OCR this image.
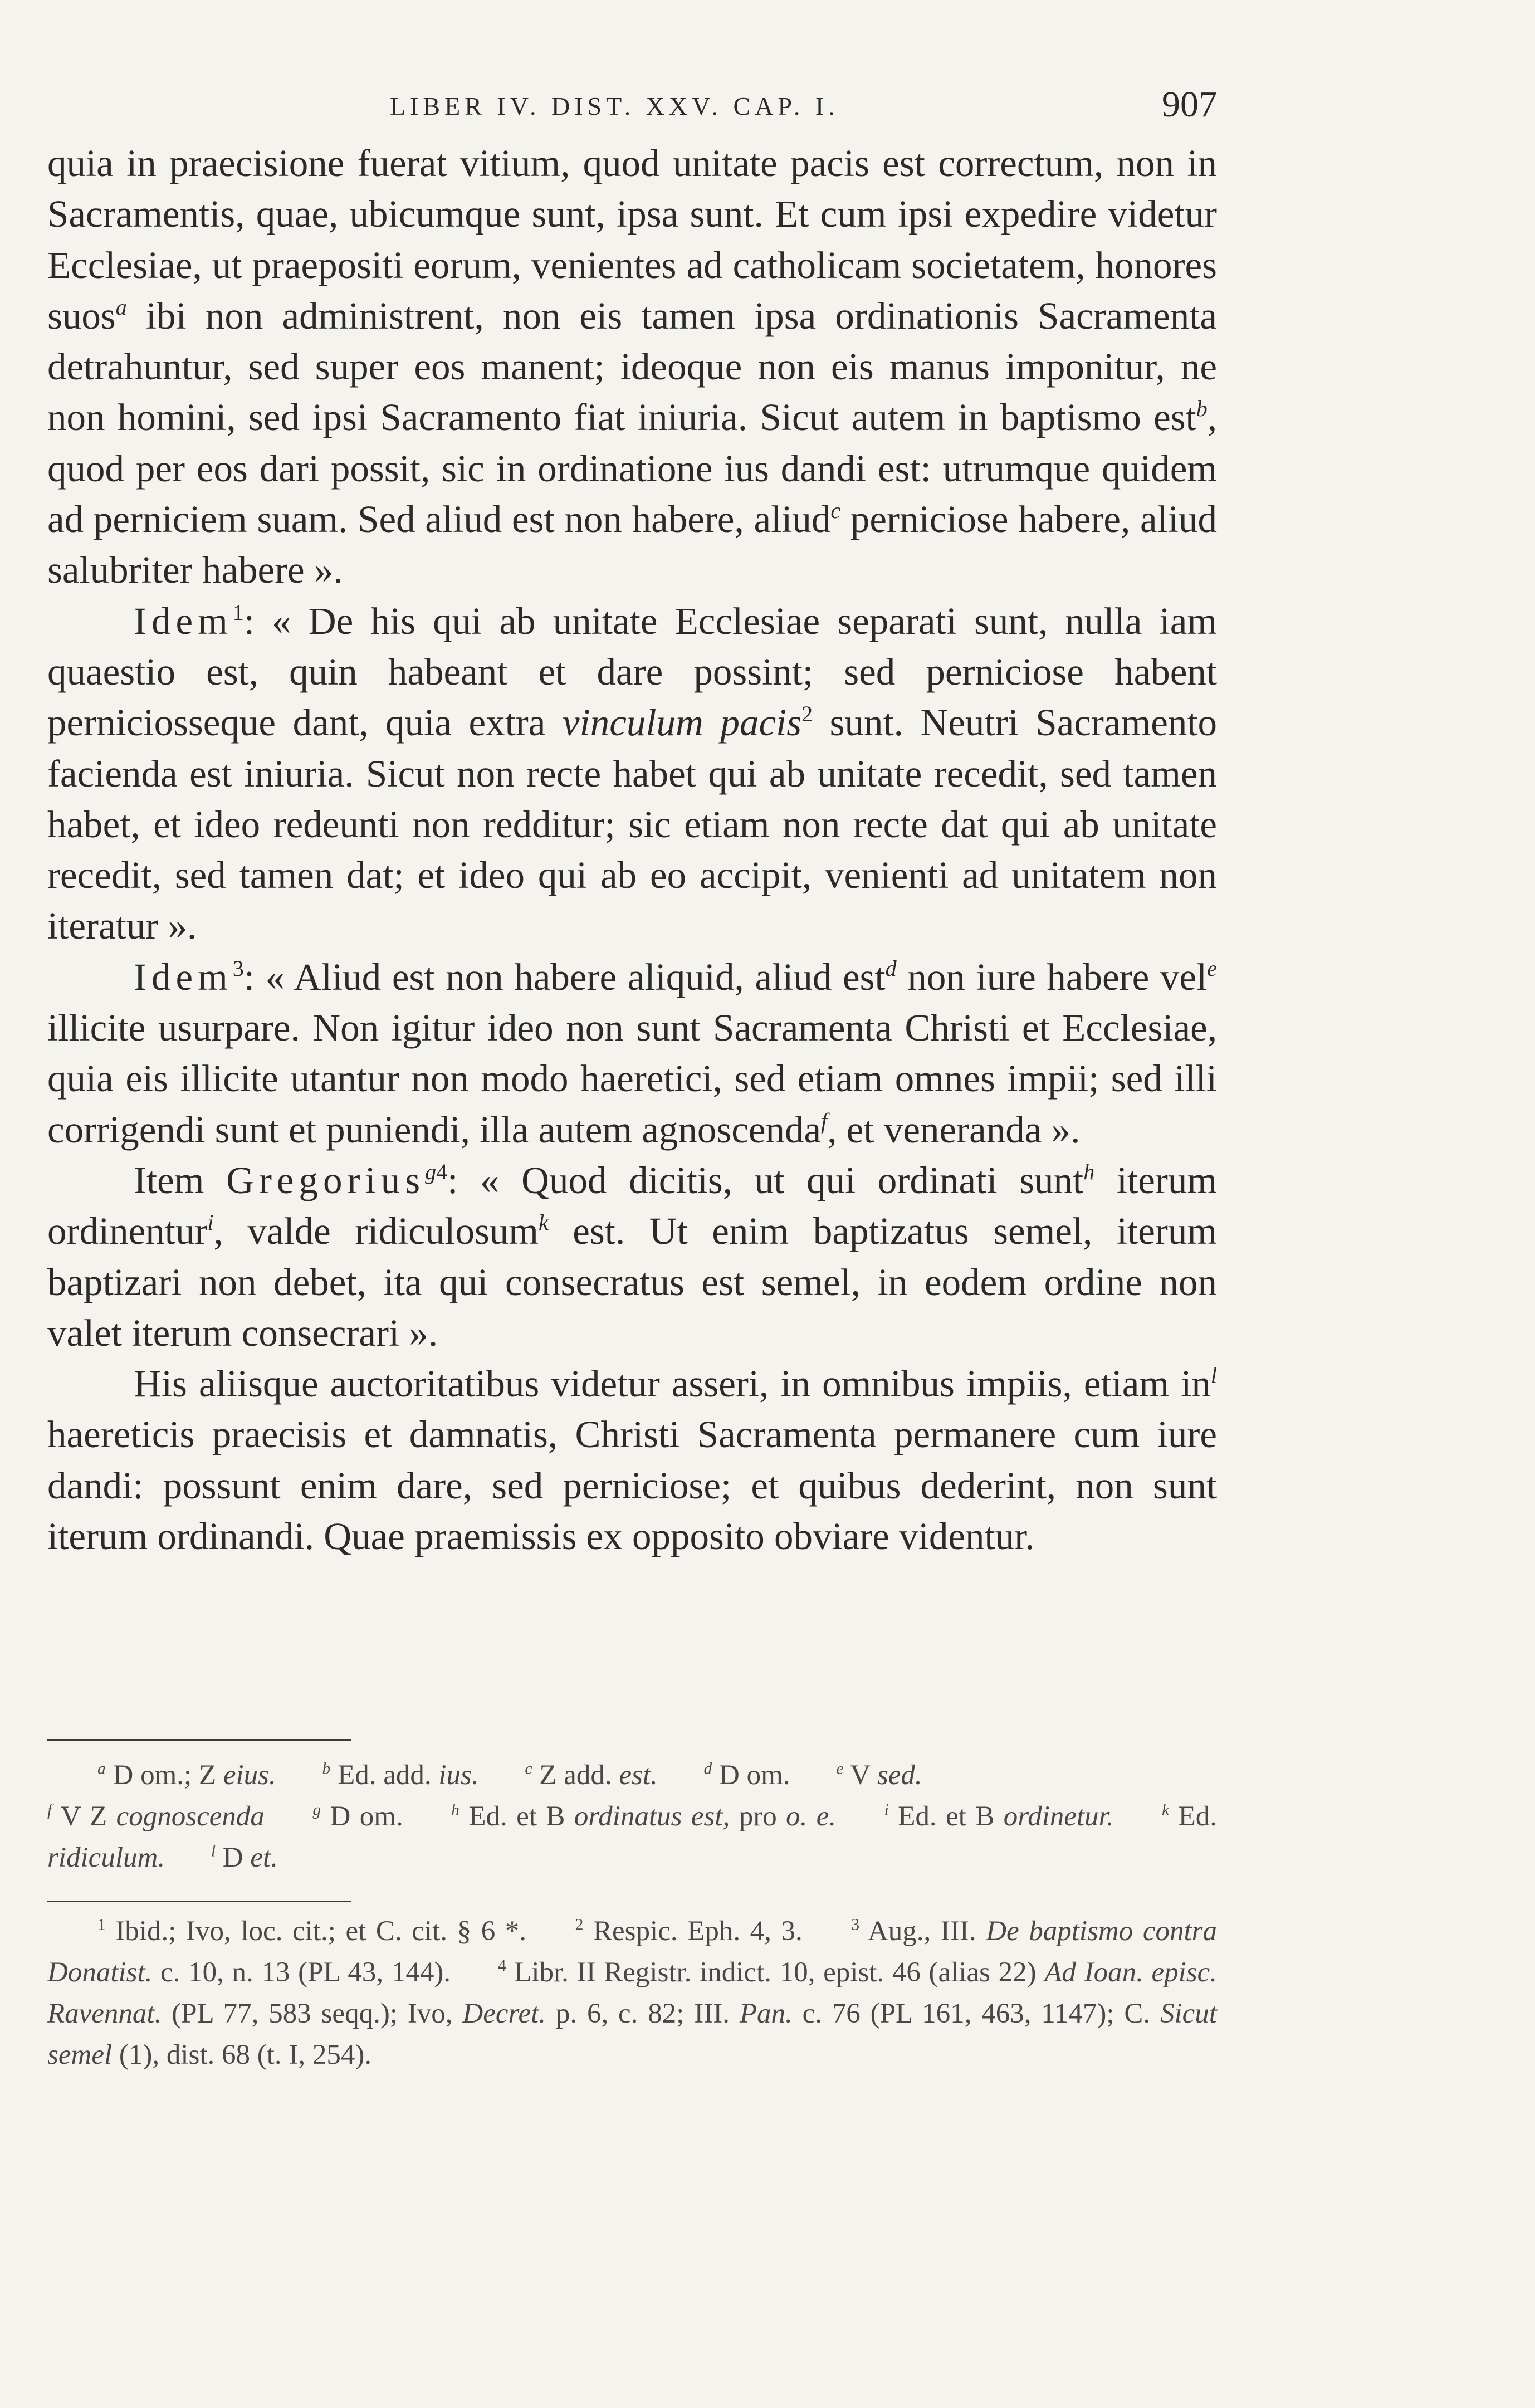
LIBER IV. DIST. XXV. CAP. I.	907

quia in praecisione fuerat vitium, quod unitate pacis est correctum, non in Sacramentis, quae, ubicumque sunt, ipsa sunt. Et cum ipsi expedire videtur Ecclesiae, ut praepositi eorum, venientes ad catholicam societatem, honores suos$^a$ ibi non administrent, non eis tamen ipsa ordinationis Sacramenta detrahuntur, sed super eos manent; ideoque non eis manus imponitur, ne non homini, sed ipsi Sacramento fiat iniuria. Sicut autem in baptismo est$^b$, quod per eos dari possit, sic in ordinatione ius dandi est: utrumque quidem ad perniciem suam. Sed aliud est non habere, aliud$^c$ perniciose habere, aliud salubriter habere ».

Idem$^1$: « De his qui ab unitate Ecclesiae separati sunt, nulla iam quaestio est, quin habeant et dare possint; sed perniciose habent perniciosseque dant, quia extra vinculum pacis$^2$ sunt. Neutri Sacramento facienda est iniuria. Sicut non recte habet qui ab unitate recedit, sed tamen habet, et ideo redeunti non redditur; sic etiam non recte dat qui ab unitate recedit, sed tamen dat; et ideo qui ab eo accipit, venienti ad unitatem non iteratur ».

Idem$^3$: « Aliud est non habere aliquid, aliud est$^d$ non iure habere vel$^e$ illicite usurpare. Non igitur ideo non sunt Sacramenta Christi et Ecclesiae, quia eis illicite utantur non modo haeretici, sed etiam omnes impii; sed illi corrigendi sunt et puniendi, illa autem agnoscenda$^f$, et veneranda ».

Item Gregorius$^{g4}$: « Quod dicitis, ut qui ordinati sunt$^h$ iterum ordinentur$^i$, valde ridiculosum$^k$ est. Ut enim baptizatus semel, iterum baptizari non debet, ita qui consecratus est semel, in eodem ordine non valet iterum consecrari ».

His aliisque auctoritatibus videtur asseri, in omnibus impiis, etiam $in^l$ haereticis praecisis et damnatis, Christi Sacramenta permanere cum iure dandi: possunt enim dare, sed perniciose; et quibus dederint, non sunt iterum ordinandi. Quae praemissis ex opposito obviare videntur.

$^a$ D om.; Z eius.	$^b$ Ed. add. ius.	$^c$ Z add. est.	$^d$ D om.	$^e$ V sed.
$^f$ V Z cognoscenda	$^g$ D om.	$^h$ Ed. et B ordinatus est, pro o. e.	$^i$ Ed. et B ordinetur.	$^k$ Ed. ridiculum.	$^l$ D et.

$^1$ Ibid.; Ivo, loc. cit.; et C. cit. § 6 *.	$^2$ Respic. Eph. 4, 3.	$^3$ Aug., III. De baptismo contra Donatist. c. 10, n. 13 (PL 43, 144).	$^4$ Libr. II Registr. indict. 10, epist. 46 (alias 22) Ad Ioan. episc. Ravennat. (PL 77, 583 seqq.); Ivo, Decret. p. 6, c. 82; III. Pan. c. 76 (PL 161, 463, 1147); C. Sicut semel (1), dist. 68 (t. I, 254).
